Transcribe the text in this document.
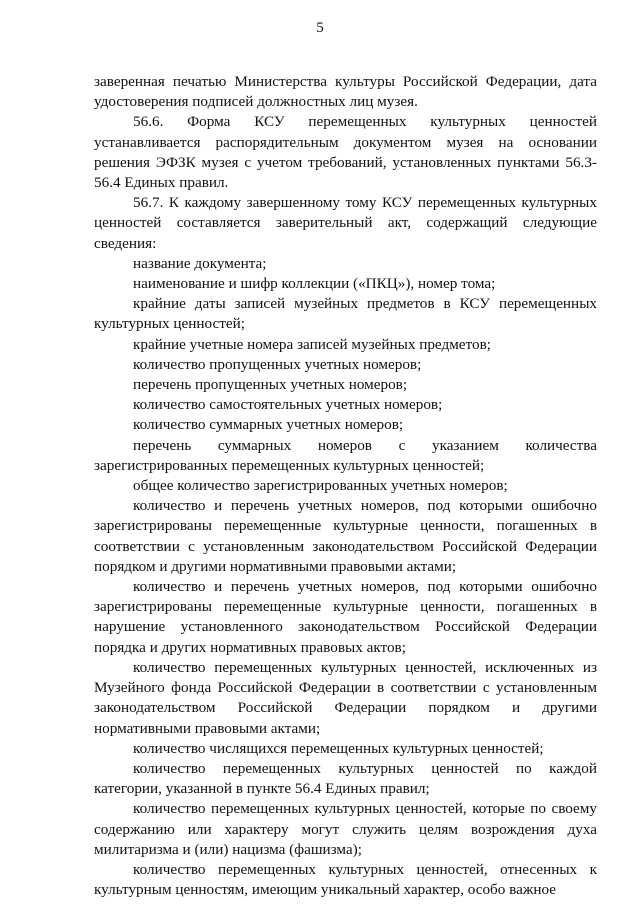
5

заверенная печатью Министерства культуры Российской Федерации, дата удостоверения подписей должностных лиц музея.

56.6. Форма КСУ перемещенных культурных ценностей устанавливается распорядительным документом музея на основании решения ЭФЗК музея с учетом требований, установленных пунктами 56.3-56.4 Единых правил.

56.7. К каждому завершенному тому КСУ перемещенных культурных ценностей составляется заверительный акт, содержащий следующие сведения:

название документа;

наименование и шифр коллекции («ПКЦ»), номер тома;

крайние даты записей музейных предметов в КСУ перемещенных культурных ценностей;

крайние учетные номера записей музейных предметов;

количество пропущенных учетных номеров;

перечень пропущенных учетных номеров;

количество самостоятельных учетных номеров;

количество суммарных учетных номеров;

перечень суммарных номеров с указанием количества зарегистрированных перемещенных культурных ценностей;

общее количество зарегистрированных учетных номеров;

количество и перечень учетных номеров, под которыми ошибочно зарегистрированы перемещенные культурные ценности, погашенных в соответствии с установленным законодательством Российской Федерации порядком и другими нормативными правовыми актами;

количество и перечень учетных номеров, под которыми ошибочно зарегистрированы перемещенные культурные ценности, погашенных в нарушение установленного законодательством Российской Федерации порядка и других нормативных правовых актов;

количество перемещенных культурных ценностей, исключенных из Музейного фонда Российской Федерации в соответствии с установленным законодательством Российской Федерации порядком и другими нормативными правовыми актами;

количество числящихся перемещенных культурных ценностей;

количество перемещенных культурных ценностей по каждой категории, указанной в пункте 56.4 Единых правил;

количество перемещенных культурных ценностей, которые по своему содержанию или характеру могут служить целям возрождения духа милитаризма и (или) нацизма (фашизма);

количество перемещенных культурных ценностей, отнесенных к культурным ценностям, имеющим уникальный характер, особо важное
